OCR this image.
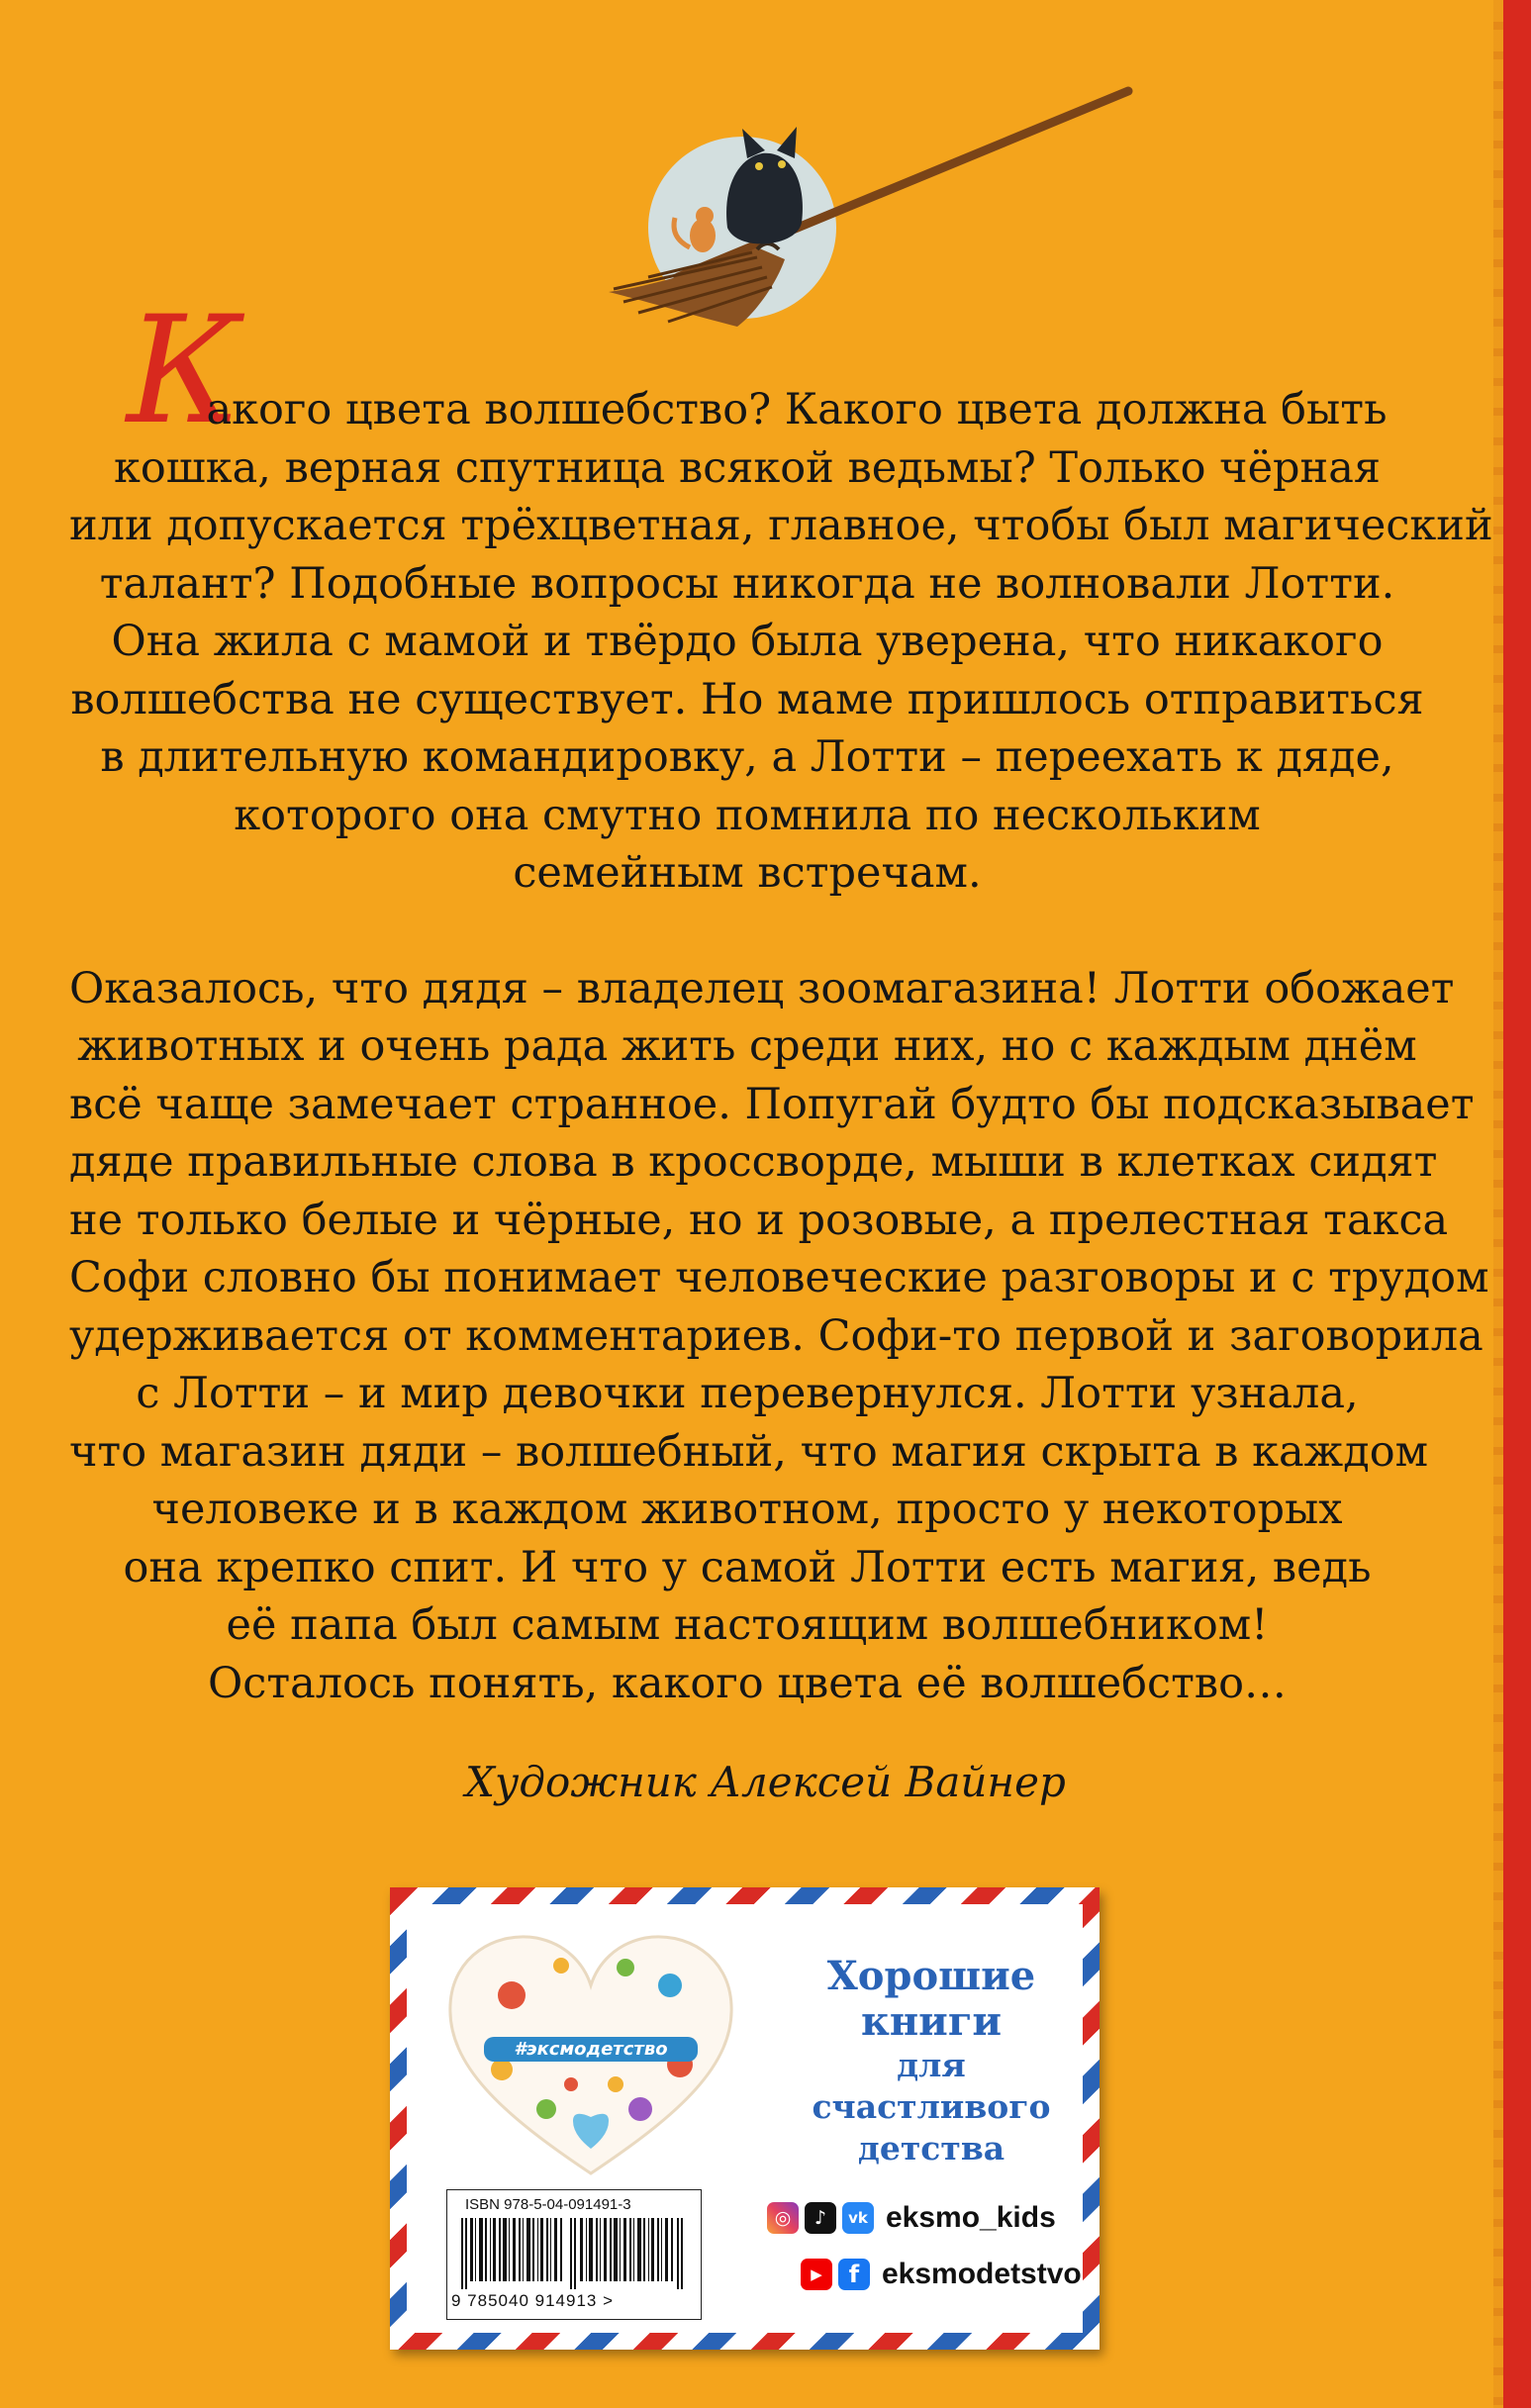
К
акого цвета волшебство? Какого цвета должна быть
кошка, верная спутница всякой ведьмы? Только чёрная
или допускается трёхцветная, главное, чтобы был магический
талант? Подобные вопросы никогда не волновали Лотти.
Она жила с мамой и твёрдо была уверена, что никакого
волшебства не существует. Но маме пришлось отправиться
в длительную командировку, а Лотти – переехать к дяде,
которого она смутно помнила по нескольким
семейным встречам.
Оказалось, что дядя – владелец зоомагазина! Лотти обожает
животных и очень рада жить среди них, но с каждым днём
всё чаще замечает странное. Попугай будто бы подсказывает
дяде правильные слова в кроссворде, мыши в клетках сидят
не только белые и чёрные, но и розовые, а прелестная такса
Софи словно бы понимает человеческие разговоры и с трудом
удерживается от комментариев. Софи-то первой и заговорила
с Лотти – и мир девочки перевернулся. Лотти узнала,
что магазин дяди – волшебный, что магия скрыта в каждом
человеке и в каждом животном, просто у некоторых
она крепко спит. И что у самой Лотти есть магия, ведь
её папа был самым настоящим волшебником!
Осталось понять, какого цвета её волшебство…
Художник Алексей Вайнер
#эксмодетство
Хорошие
книги
для счастливого
детства
ISBN 978-5-04-091491-3
9 785040 914913 >
◎	♪	vk eksmo_kids
▶	f eksmodetstvo
